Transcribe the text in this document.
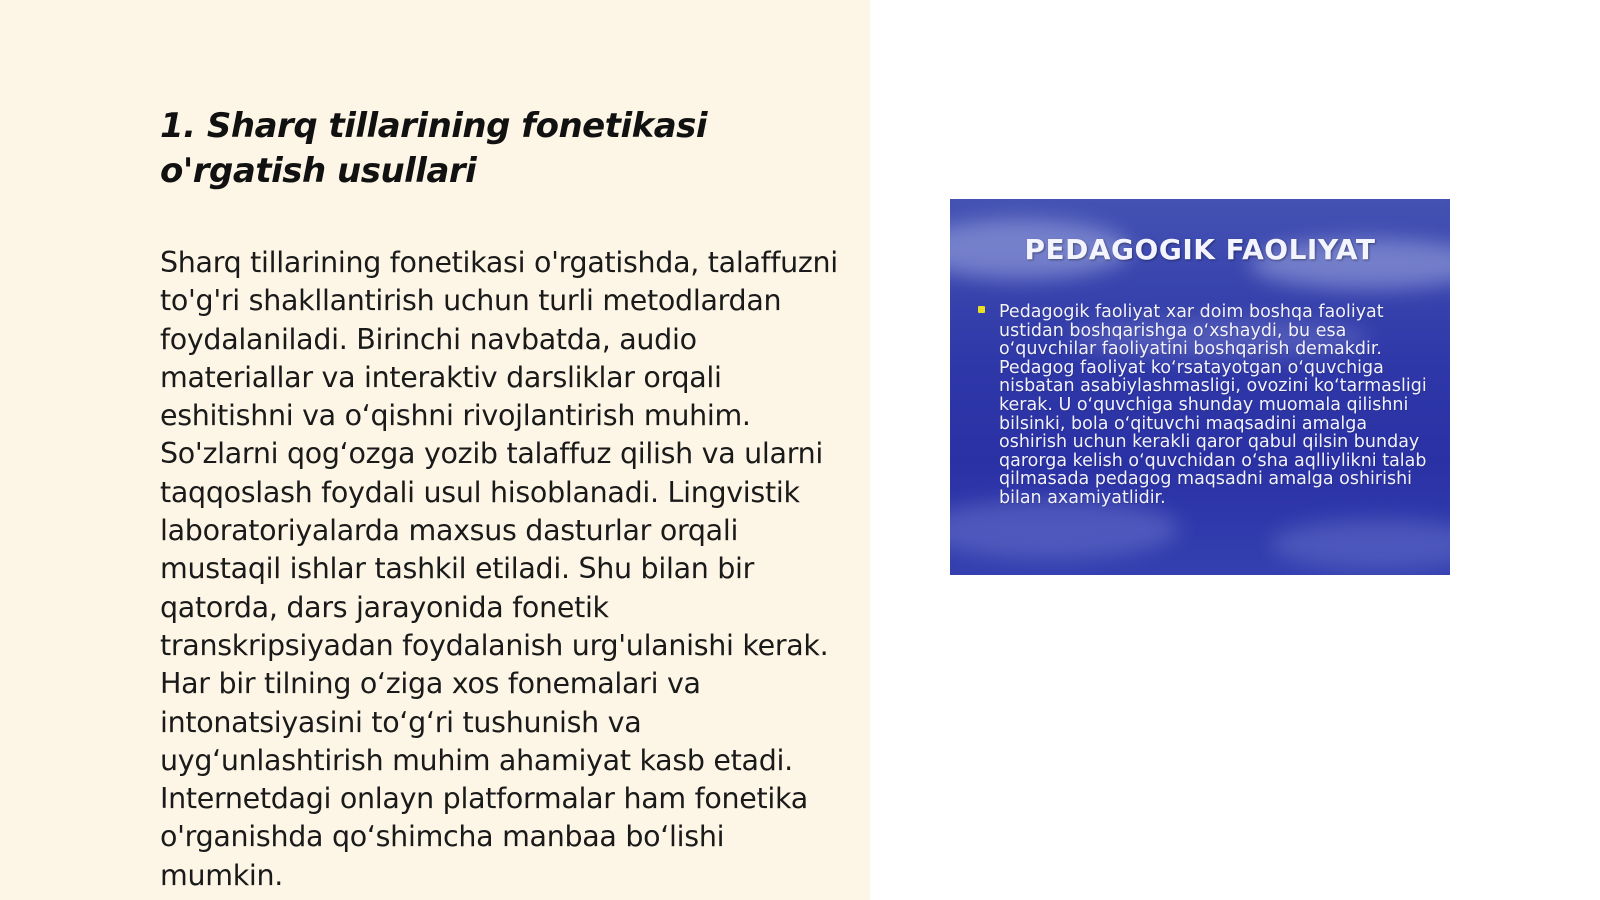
1. Sharq tillarining fonetikasi o'rgatish usullari

Sharq tillarining fonetikasi o'rgatishda, talaffuzni to'g'ri shakllantirish uchun turli metodlardan foydalaniladi. Birinchi navbatda, audio materiallar va interaktiv darsliklar orqali eshitishni va oʻqishni rivojlantirish muhim. So'zlarni qogʻozga yozib talaffuz qilish va ularni taqqoslash foydali usul hisoblanadi. Lingvistik laboratoriyalarda maxsus dasturlar orqali mustaqil ishlar tashkil etiladi. Shu bilan bir qatorda, dars jarayonida fonetik transkripsiyadan foydalanish urg'ulanishi kerak. Har bir tilning oʻziga xos fonemalari va intonatsiyasini toʻgʻri tushunish va uygʻunlashtirish muhim ahamiyat kasb etadi. Internetdagi onlayn platformalar ham fonetika o'rganishda qoʻshimcha manbaa boʻlishi mumkin.

PEDAGOGIK FAOLIYAT

Pedagogik faoliyat xar doim boshqa faoliyat ustidan boshqarishga oʻxshaydi, bu esa oʻquvchilar faoliyatini boshqarish demakdir. Pedagog faoliyat koʻrsatayotgan oʻquvchiga nisbatan asabiylashmasligi, ovozini koʻtarmasligi kerak. U oʻquvchiga shunday muomala qilishni bilsinki, bola oʻqituvchi maqsadini amalga oshirish uchun kerakli qaror qabul qilsin bunday qarorga kelish oʻquvchidan oʻsha aqlliylikni talab qilmasada pedagog maqsadni amalga oshirishi bilan axamiyatlidir.
